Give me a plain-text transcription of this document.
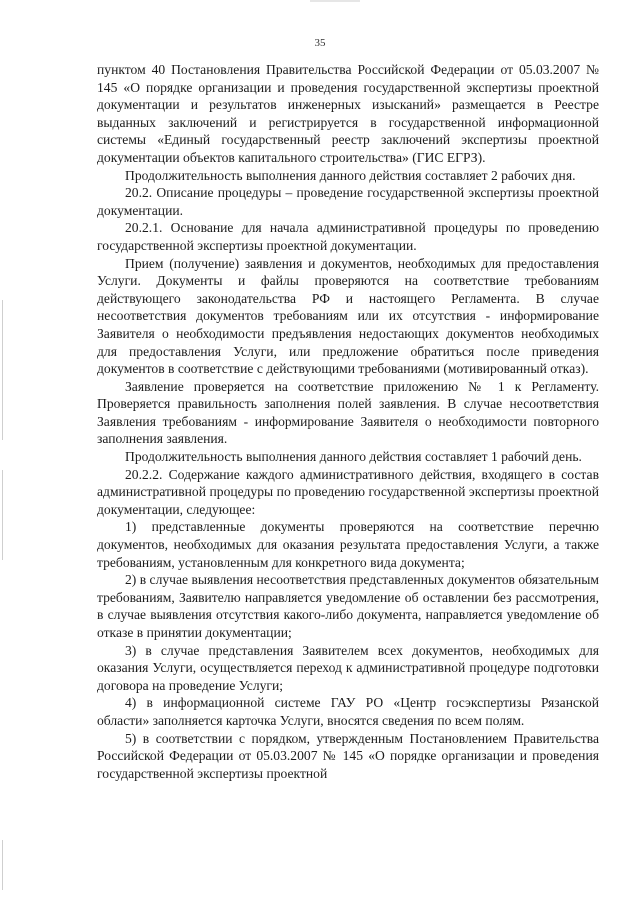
35

пунктом 40 Постановления Правительства Российской Федерации от 05.03.2007 № 145 «О порядке организации и проведения государственной экспертизы проектной документации и результатов инженерных изысканий» размещается в Реестре выданных заключений и регистрируется в государственной информационной системы «Единый государственный реестр заключений экспертизы проектной документации объектов капитального строительства» (ГИС ЕГРЗ).

Продолжительность выполнения данного действия составляет 2 рабочих дня.

20.2. Описание процедуры – проведение государственной экспертизы проектной документации.

20.2.1. Основание для начала административной процедуры по проведению государственной экспертизы проектной документации.

Прием (получение) заявления и документов, необходимых для предоставления Услуги. Документы и файлы проверяются на соответствие требованиям действующего законодательства РФ и настоящего Регламента. В случае несоответствия документов требованиям или их отсутствия - информирование Заявителя о необходимости предъявления недостающих документов необходимых для предоставления Услуги, или предложение обратиться после приведения документов в соответствие с действующими требованиями (мотивированный отказ).

Заявление проверяется на соответствие приложению № 1 к Регламенту. Проверяется правильность заполнения полей заявления. В случае несоответствия Заявления требованиям - информирование Заявителя о необходимости повторного заполнения заявления.

Продолжительность выполнения данного действия составляет 1 рабочий день.

20.2.2. Содержание каждого административного действия, входящего в состав административной процедуры по проведению государственной экспертизы проектной документации, следующее:

1) представленные документы проверяются на соответствие перечню документов, необходимых для оказания результата предоставления Услуги, а также требованиям, установленным для конкретного вида документа;

2) в случае выявления несоответствия представленных документов обязательным требованиям, Заявителю направляется уведомление об оставлении без рассмотрения, в случае выявления отсутствия какого-либо документа, направляется уведомление об отказе в принятии документации;

3) в случае представления Заявителем всех документов, необходимых для оказания Услуги, осуществляется переход к административной процедуре подготовки договора на проведение Услуги;

4) в информационной системе ГАУ РО «Центр госэкспертизы Рязанской области» заполняется карточка Услуги, вносятся сведения по всем полям.

5) в соответствии с порядком, утвержденным Постановлением Правительства Российской Федерации от 05.03.2007 № 145 «О порядке организации и проведения государственной экспертизы проектной
